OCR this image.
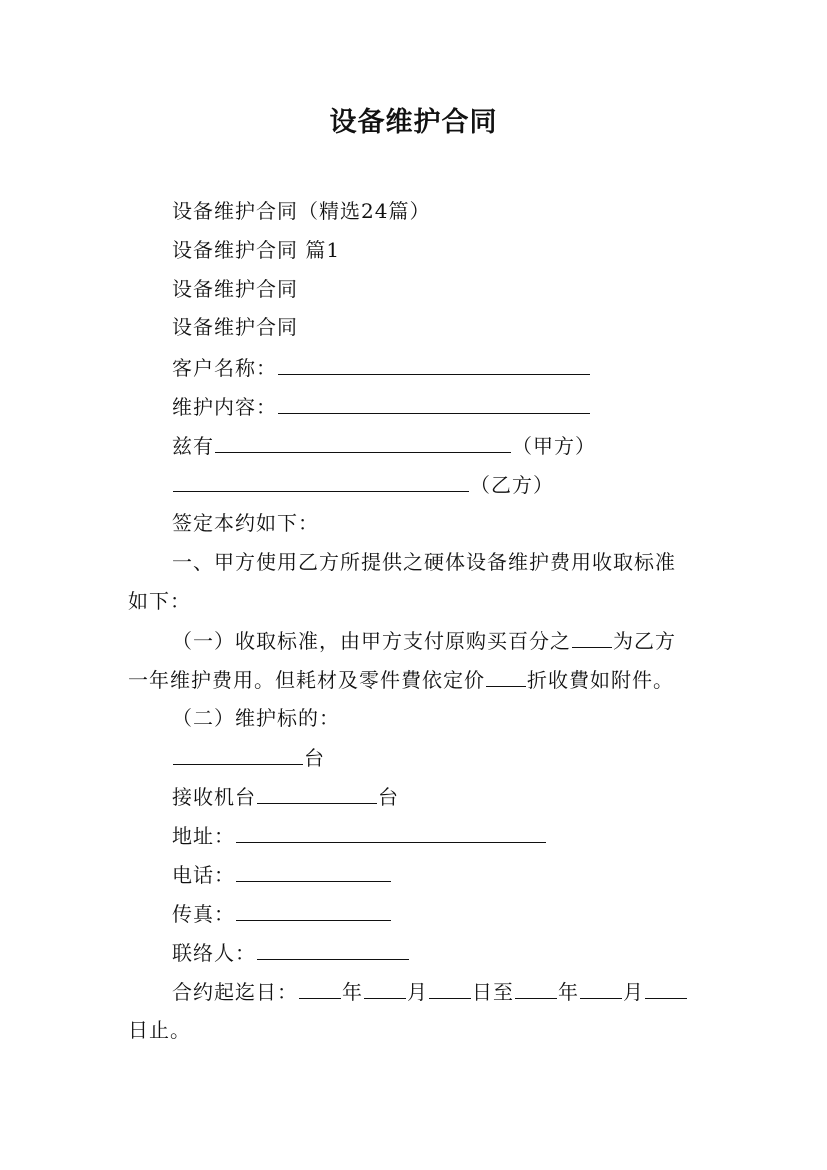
设备维护合同
设备维护合同（精选24篇）
设备维护合同 篇1
设备维护合同
设备维护合同
客户名称：
维护内容：
兹有	（甲方）
（乙方）
签定本约如下：
一、甲方使用乙方所提供之硬体设备维护费用收取标准
如下：
（一）收取标准，由甲方支付原购买百分之 为乙方
一年维护费用。但耗材及零件費依定价 折收費如附件。
（二）维护标的：
台
接收机台	台
地址：
电话：
传真：
联络人：
合约起迄日： 年 月 日至 年 月
日止。
